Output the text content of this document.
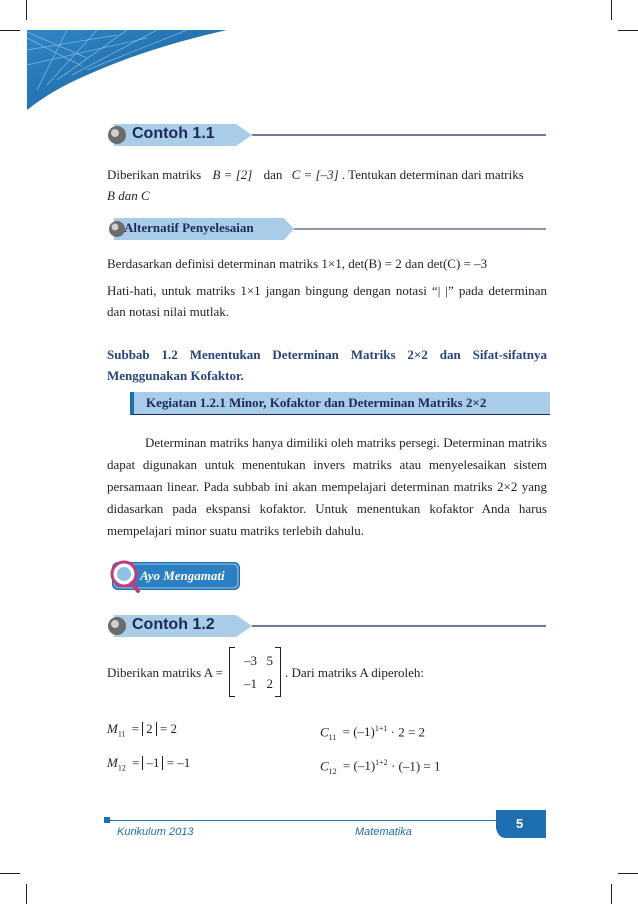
Contoh 1.1
Diberikan matriks B = [2] dan C = [–3] . Tentukan determinan dari matriks
B dan C
Alternatif Penyelesaian
Berdasarkan definisi determinan matriks 1×1, det(B) = 2 dan det(C) = –3
Hati-hati, untuk matriks 1×1 jangan bingung dengan notasi “| |” pada determinan dan notasi nilai mutlak.
Subbab 1.2 Menentukan Determinan Matriks 2×2 dan Sifat-sifatnya Menggunakan Kofaktor.
Kegiatan 1.2.1 Minor, Kofaktor dan Determinan Matriks 2×2
Determinan matriks hanya dimiliki oleh matriks persegi. Determinan matriks dapat digunakan untuk menentukan invers matriks atau menyelesaikan sistem persamaan linear. Pada subbab ini akan mempelajari determinan matriks 2×2 yang didasarkan pada ekspansi kofaktor. Untuk menentukan kofaktor Anda harus mempelajari minor suatu matriks terlebih dahulu.
Ayo Mengamati
Contoh 1.2
Diberikan matriks A =
–3 5
–1 2
. Dari matriks A diperoleh:
$M_{11} = 2 = 2$
$M_{12} = -1 = -1$
$C_{11} = (-1)^{1+1} \cdot 2 = 2$
$C_{12} = (-1)^{1+2} \cdot (-1) = 1$
Kurikulum 2013	Matematika
5
